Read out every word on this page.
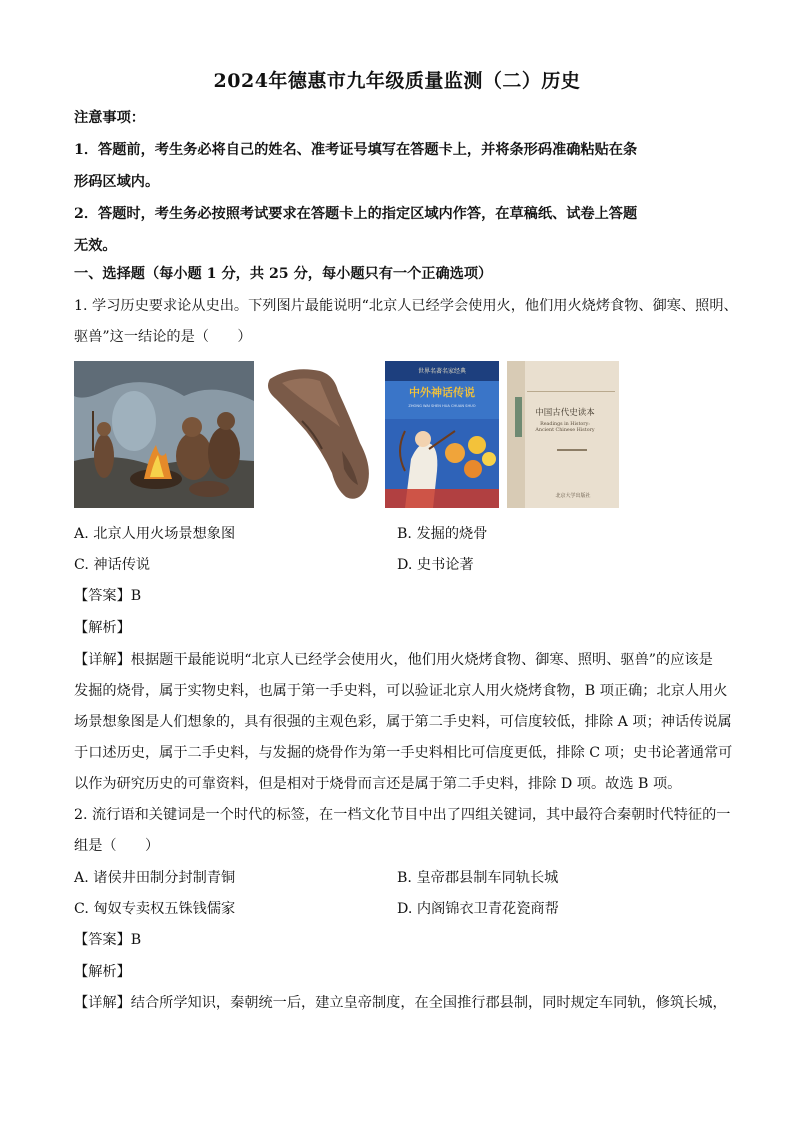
2024年德惠市九年级质量监测（二）历史
注意事项：
1．答题前，考生务必将自己的姓名、准考证号填写在答题卡上，并将条形码准确粘贴在条
形码区域内。
2．答题时，考生务必按照考试要求在答题卡上的指定区域内作答，在草稿纸、试卷上答题
无效。
一、选择题（每小题 1 分，共 25 分，每小题只有一个正确选项）
1. 学习历史要求论从史出。下列图片最能说明“北京人已经学会使用火，他们用火烧烤食物、御寒、照明、
驱兽”这一结论的是（　　）
世界名著名家经典
中外神话传说
ZHONG WAI SHEN HUA CHUAN SHUO
中国古代史读本
Readings in History:
Ancient Chinese History
北京大学出版社
A. 北京人用火场景想象图	B. 发掘的烧骨
C. 神话传说	D. 史书论著
【答案】B
【解析】
【详解】根据题干最能说明“北京人已经学会使用火，他们用火烧烤食物、御寒、照明、驱兽”的应该是
发掘的烧骨，属于实物史料，也属于第一手史料，可以验证北京人用火烧烤食物，B 项正确；北京人用火
场景想象图是人们想象的，具有很强的主观色彩，属于第二手史料，可信度较低，排除 A 项；神话传说属
于口述历史，属于二手史料，与发掘的烧骨作为第一手史料相比可信度更低，排除 C 项；史书论著通常可
以作为研究历史的可靠资料，但是相对于烧骨而言还是属于第二手史料，排除 D 项。故选 B 项。
2. 流行语和关键词是一个时代的标签，在一档文化节目中出了四组关键词，其中最符合秦朝时代特征的一
组是（　　）
A. 诸侯井田制分封制青铜	B. 皇帝郡县制车同轨长城
C. 匈奴专卖权五铢钱儒家	D. 内阁锦衣卫青花瓷商帮
【答案】B
【解析】
【详解】结合所学知识，秦朝统一后，建立皇帝制度，在全国推行郡县制，同时规定车同轨，修筑长城，
